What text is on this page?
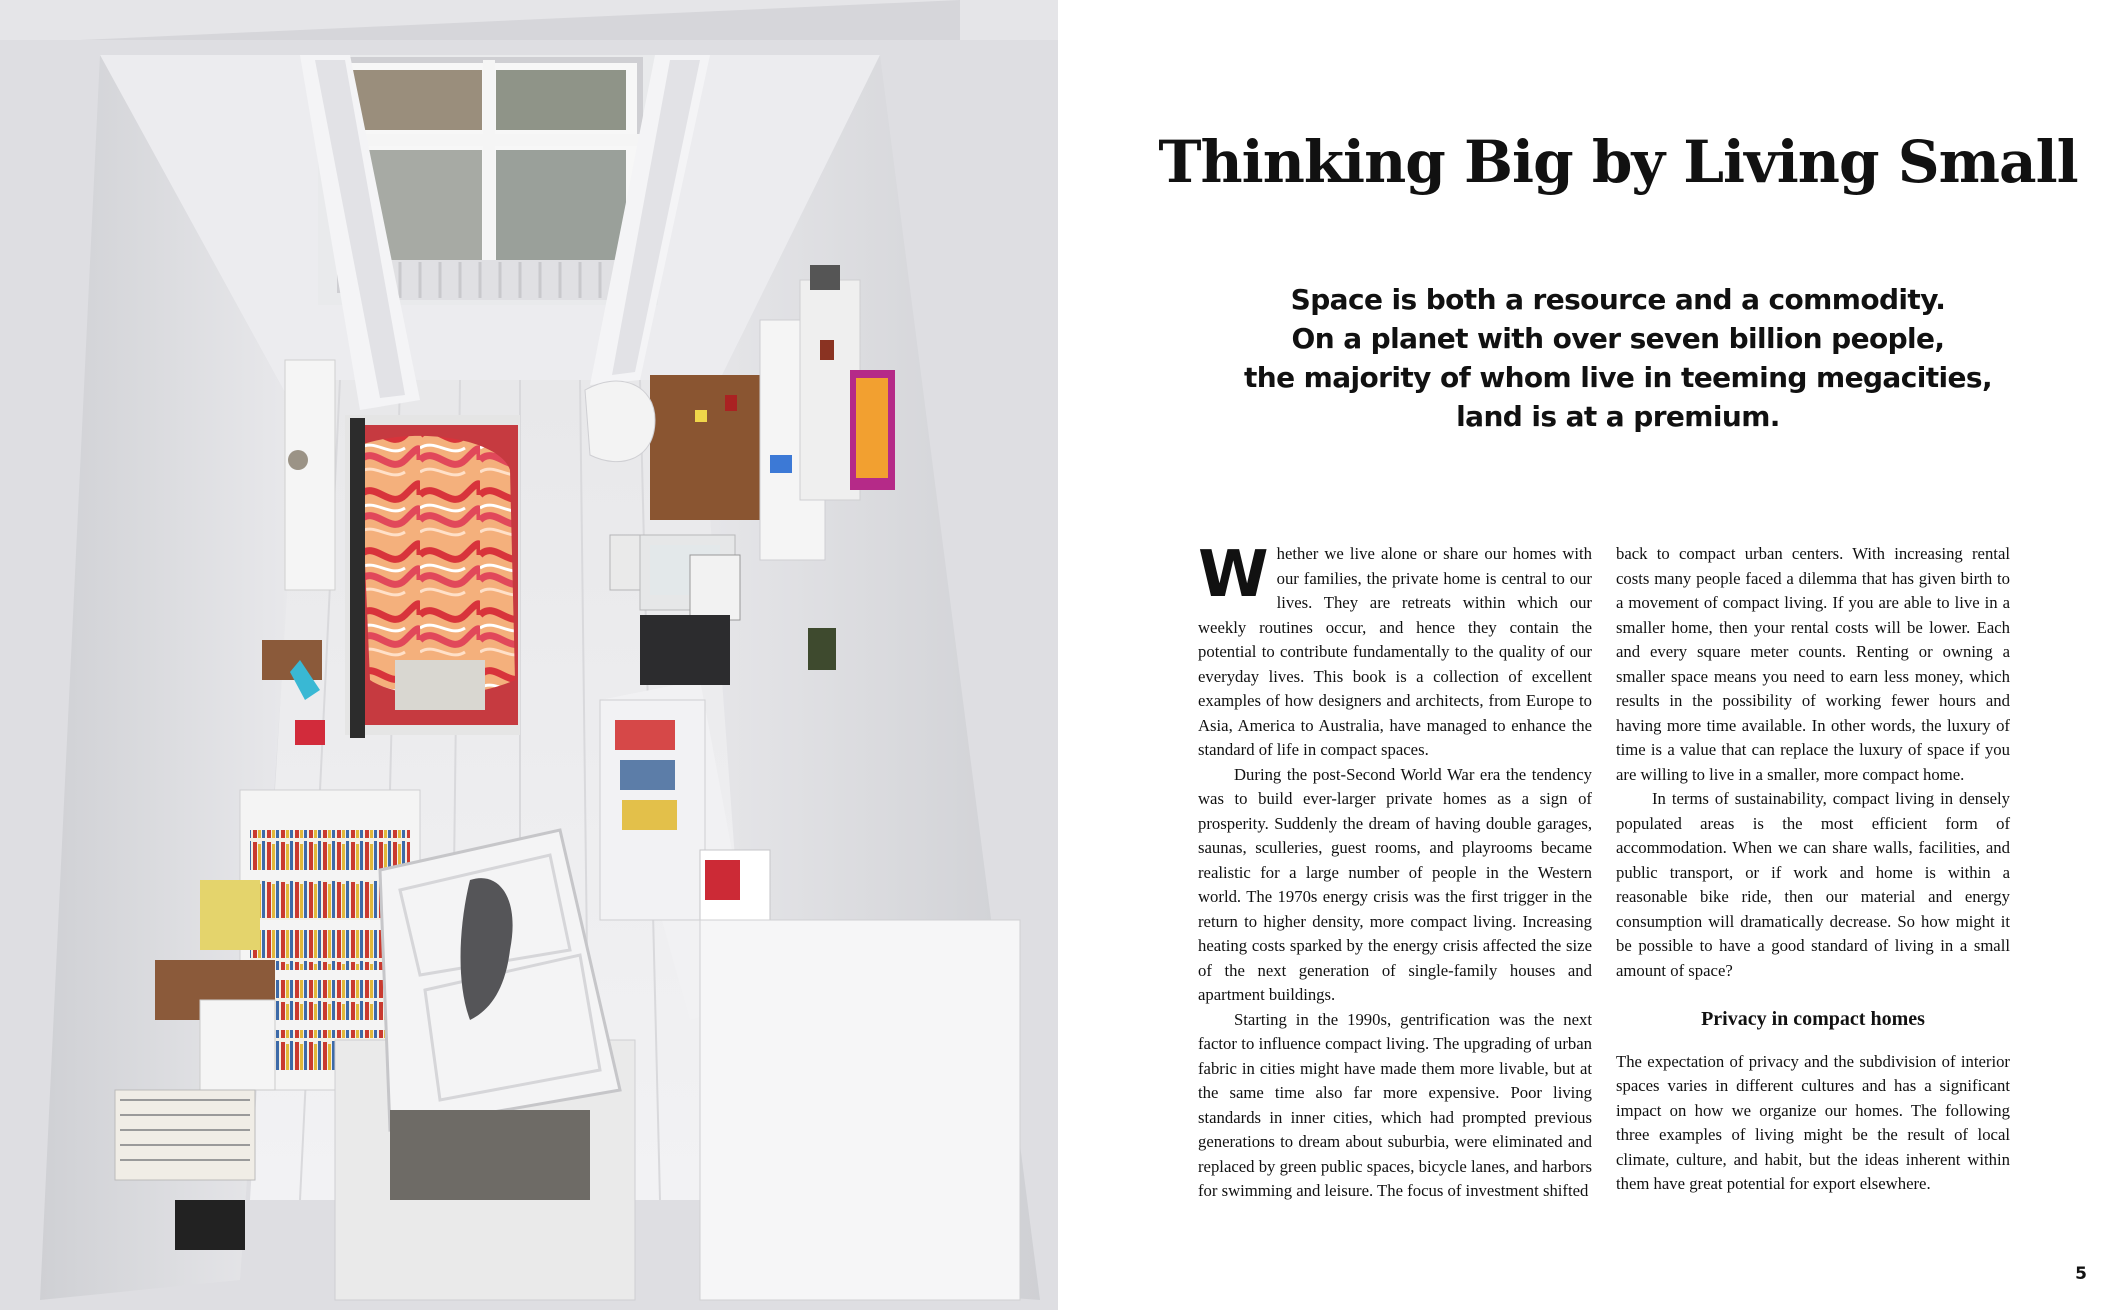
Thinking Big by Living Small
Space is both a resource and a commodity.
On a planet with over seven billion people,
the majority of whom live in teeming megacities,
land is at a premium.

Whether we live alone or share our homes with our families, the private home is central to our lives. They are retreats within which our weekly routines occur, and hence they contain the potential to contribute fundamentally to the quality of our everyday lives. This book is a collection of excellent examples of how designers and architects, from Europe to Asia, America to Australia, have managed to enhance the standard of life in compact spaces.

During the post-Second World War era the tendency was to build ever-larger private homes as a sign of prosperity. Suddenly the dream of having double garages, saunas, sculleries, guest rooms, and playrooms became realistic for a large number of people in the Western world. The 1970s energy crisis was the first trigger in the return to higher density, more compact living. Increasing heating costs sparked by the energy crisis affected the size of the next generation of single-family houses and apartment buildings.

Starting in the 1990s, gentrification was the next factor to influence compact living. The upgrading of urban fabric in cities might have made them more livable, but at the same time also far more expensive. Poor living standards in inner cities, which had prompted previous generations to dream about suburbia, were eliminated and replaced by green public spaces, bicycle lanes, and harbors for swimming and leisure. The focus of investment shifted

back to compact urban centers. With increasing rental costs many people faced a dilemma that has given birth to a movement of compact living. If you are able to live in a smaller home, then your rental costs will be lower. Each and every square meter counts. Renting or owning a smaller space means you need to earn less money, which results in the possibility of working fewer hours and having more time available. In other words, the luxury of time is a value that can replace the luxury of space if you are willing to live in a smaller, more compact home.

In terms of sustainability, compact living in densely populated areas is the most efficient form of accommodation. When we can share walls, facilities, and public transport, or if work and home is within a reasonable bike ride, then our material and energy consumption will dramatically decrease. So how might it be possible to have a good standard of living in a small amount of space?

Privacy in compact homes

The expectation of privacy and the subdivision of interior spaces varies in different cultures and has a significant impact on how we organize our homes. The following three examples of living might be the result of local climate, culture, and habit, but the ideas inherent within them have great potential for export elsewhere.

5
